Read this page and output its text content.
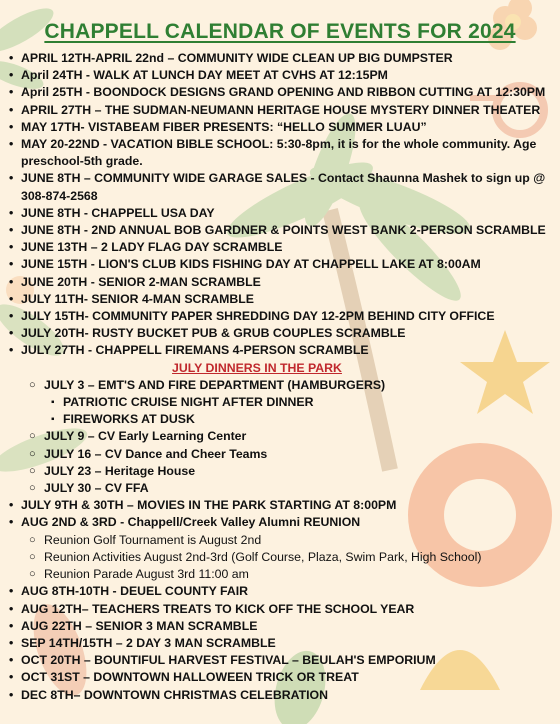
CHAPPELL CALENDAR OF EVENTS FOR 2024
• APRIL 12TH-APRIL 22nd – COMMUNITY WIDE CLEAN UP BIG DUMPSTER
• April 24TH - WALK AT LUNCH DAY MEET AT CVHS AT 12:15PM
• April 25TH - BOONDOCK DESIGNS GRAND OPENING AND RIBBON CUTTING AT 12:30PM
• APRIL 27TH – THE SUDMAN-NEUMANN HERITAGE HOUSE MYSTERY DINNER THEATER
• MAY 17TH- VISTABEAM FIBER PRESENTS: “HELLO SUMMER LUAU”
• MAY 20-22ND - VACATION BIBLE SCHOOL: 5:30-8pm, it is for the whole community. Age preschool-5th grade.
• JUNE 8TH – COMMUNITY WIDE GARAGE SALES - Contact Shaunna Mashek to sign up @ 308-874-2568
• JUNE 8TH - CHAPPELL USA DAY
• JUNE 8TH - 2ND ANNUAL BOB GARDNER & POINTS WEST BANK 2-PERSON SCRAMBLE
• JUNE 13TH – 2 LADY FLAG DAY SCRAMBLE
• JUNE 15TH - LION'S CLUB KIDS FISHING DAY AT CHAPPELL LAKE AT 8:00AM
• JUNE 20TH - SENIOR 2-MAN SCRAMBLE
• JULY 11TH- SENIOR 4-MAN SCRAMBLE
• JULY 15TH- COMMUNITY PAPER SHREDDING DAY 12-2PM BEHIND CITY OFFICE
• JULY 20TH- RUSTY BUCKET PUB & GRUB COUPLES SCRAMBLE
• JULY 27TH - CHAPPELL FIREMANS 4-PERSON SCRAMBLE
JULY DINNERS IN THE PARK
○ JULY 3 – EMT'S AND FIRE DEPARTMENT (HAMBURGERS)
▪ PATRIOTIC CRUISE NIGHT AFTER DINNER
▪ FIREWORKS AT DUSK
○ JULY 9 – CV Early Learning Center
○ JULY 16 – CV Dance and Cheer Teams
○ JULY 23 – Heritage House
○ JULY 30 – CV FFA
• JULY 9TH & 30TH – MOVIES IN THE PARK STARTING AT 8:00PM
• AUG 2ND & 3RD - Chappell/Creek Valley Alumni REUNION
○ Reunion Golf Tournament is August 2nd
○ Reunion Activities August 2nd-3rd (Golf Course, Plaza, Swim Park, High School)
○ Reunion Parade August 3rd 11:00 am
• AUG 8TH-10TH - DEUEL COUNTY FAIR
• AUG 12TH– TEACHERS TREATS TO KICK OFF THE SCHOOL YEAR
• AUG 22TH – SENIOR 3 MAN SCRAMBLE
• SEP 14TH/15TH – 2 DAY 3 MAN SCRAMBLE
• OCT 20TH – BOUNTIFUL HARVEST FESTIVAL – BEULAH'S EMPORIUM
• OCT 31ST – DOWNTOWN HALLOWEEN TRICK OR TREAT
• DEC 8TH– DOWNTOWN CHRISTMAS CELEBRATION
